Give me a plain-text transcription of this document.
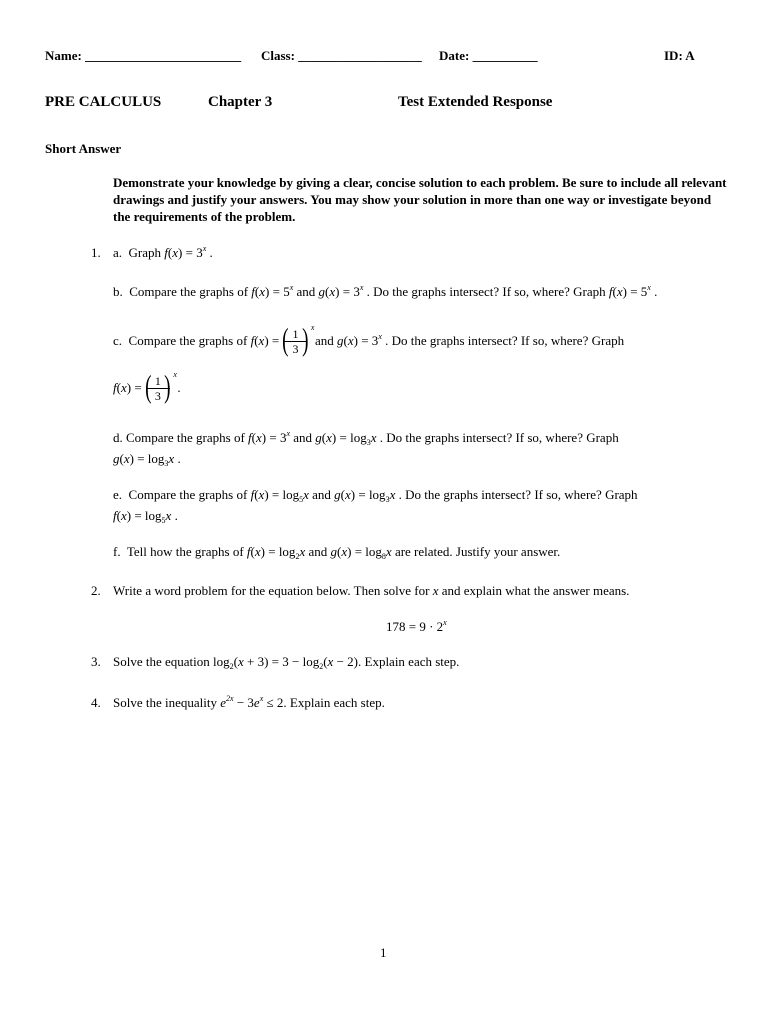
Name: ________________________ Class: ___________________ Date: __________	ID: A
PRE CALCULUS	Chapter 3	Test Extended Response
Short Answer
Demonstrate your knowledge by giving a clear, concise solution to each problem. Be sure to include all relevant drawings and justify your answers. You may show your solution in more than one way or investigate beyond the requirements of the problem.
1. a. Graph $f(x) = 3^x$ .
b. Compare the graphs of $f(x) = 5^x$ and $g(x) = 3^x$ . Do the graphs intersect? If so, where? Graph $f(x) = 5^x$ .
c. Compare the graphs of f(x) = ( 1
3 ) x
and $g(x) = 3^x$ . Do the graphs intersect? If so, where? Graph
f(x) = ( 1
3 ) x
.
d. Compare the graphs of $f(x) = 3^x$ and $g(x) = \log_3x$ . Do the graphs intersect? If so, where? Graph
$g(x) = \log_3x$ .
e. Compare the graphs of $f(x) = \log_5x$ and $g(x) = \log_3x$ . Do the graphs intersect? If so, where? Graph
$f(x) = \log_5x$ .
f. Tell how the graphs of $f(x) = \log_2x$ and $g(x) = \log_8x$ are related. Justify your answer.
2. Write a word problem for the equation below. Then solve for x and explain what the answer means.
$178 = 9 \cdot 2^x$
3. Solve the equation $\log_2(x + 3) = 3 - \log_2(x - 2)$. Explain each step.
4. Solve the inequality $e^{2x} - 3e^x \le 2$. Explain each step.
1
